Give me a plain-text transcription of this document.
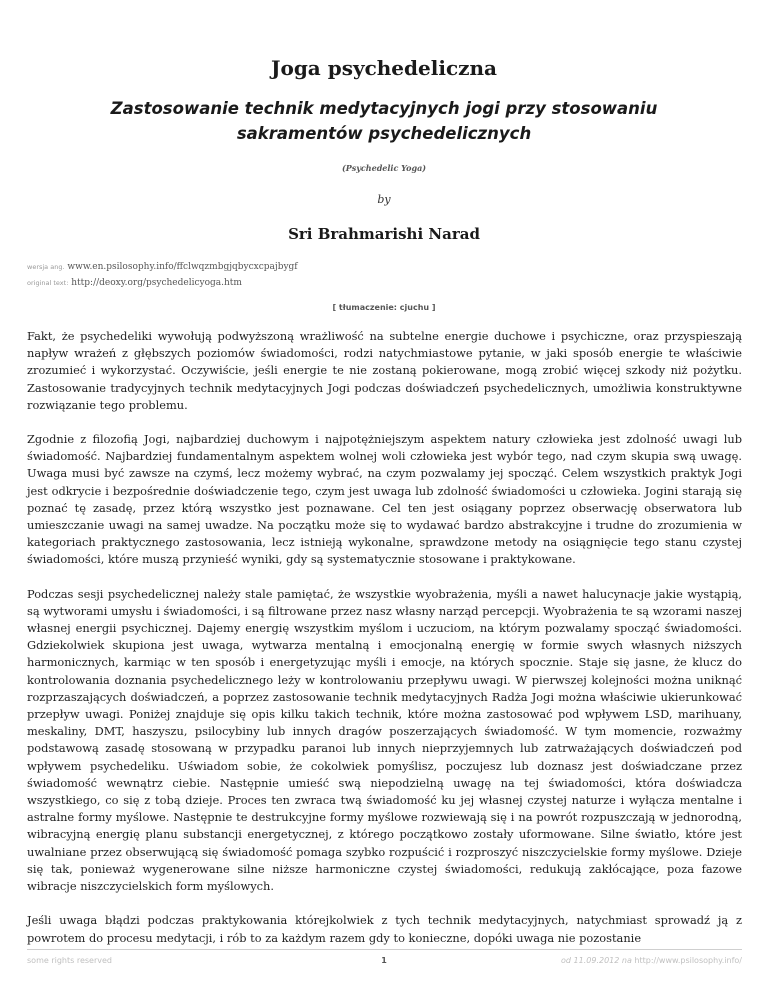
Joga psychedeliczna
Zastosowanie technik medytacyjnych jogi przy stosowaniu sakramentów psychedelicznych
(Psychedelic Yoga)
by
Sri Brahmarishi Narad
wersja ang. www.en.psilosophy.info/ffclwqzmbgjqbycxcpajbygf
original text: http://deoxy.org/psychedelicyoga.htm
[ tłumaczenie: cjuchu ]

Fakt, że psychedeliki wywołują podwyższoną wrażliwość na subtelne energie duchowe i psychiczne, oraz przyspieszają napływ wrażeń z głębszych poziomów świadomości, rodzi natychmiastowe pytanie, w jaki sposób energie te właściwie zrozumieć i wykorzystać. Oczywiście, jeśli energie te nie zostaną pokierowane, mogą zrobić więcej szkody niż pożytku. Zastosowanie tradycyjnych technik medytacyjnych Jogi podczas doświadczeń psychedelicznych, umożliwia konstruktywne rozwiązanie tego problemu.

Zgodnie z filozofią Jogi, najbardziej duchowym i najpotężniejszym aspektem natury człowieka jest zdolność uwagi lub świadomość. Najbardziej fundamentalnym aspektem wolnej woli człowieka jest wybór tego, nad czym skupia swą uwagę. Uwaga musi być zawsze na czymś, lecz możemy wybrać, na czym pozwalamy jej spocząć. Celem wszystkich praktyk Jogi jest odkrycie i bezpośrednie doświadczenie tego, czym jest uwaga lub zdolność świadomości u człowieka. Jogini starają się poznać tę zasadę, przez którą wszystko jest poznawane. Cel ten jest osiągany poprzez obserwację obserwatora lub umieszczanie uwagi na samej uwadze. Na początku może się to wydawać bardzo abstrakcyjne i trudne do zrozumienia w kategoriach praktycznego zastosowania, lecz istnieją wykonalne, sprawdzone metody na osiągnięcie tego stanu czystej świadomości, które muszą przynieść wyniki, gdy są systematycznie stosowane i praktykowane.

Podczas sesji psychedelicznej należy stale pamiętać, że wszystkie wyobrażenia, myśli a nawet halucynacje jakie wystąpią, są wytworami umysłu i świadomości, i są filtrowane przez nasz własny narząd percepcji. Wyobrażenia te są wzorami naszej własnej energii psychicznej. Dajemy energię wszystkim myślom i uczuciom, na którym pozwalamy spocząć świadomości. Gdziekolwiek skupiona jest uwaga, wytwarza mentalną i emocjonalną energię w formie swych własnych niższych harmonicznych, karmiąc w ten sposób i energetyzując myśli i emocje, na których spocznie. Staje się jasne, że klucz do kontrolowania doznania psychedelicznego leży w kontrolowaniu przepływu uwagi. W pierwszej kolejności można uniknąć rozprzaszających doświadczeń, a poprzez zastosowanie technik medytacyjnych Radża Jogi można właściwie ukierunkować przepływ uwagi. Poniżej znajduje się opis kilku takich technik, które można zastosować pod wpływem LSD, marihuany, meskaliny, DMT, haszyszu, psilocybiny lub innych dragów poszerzających świadomość. W tym momencie, rozważmy podstawową zasadę stosowaną w przypadku paranoi lub innych nieprzyjemnych lub zatrważających doświadczeń pod wpływem psychedeliku. Uświadom sobie, że cokolwiek pomyślisz, poczujesz lub doznasz jest doświadczane przez świadomość wewnątrz ciebie. Następnie umieść swą niepodzielną uwagę na tej świadomości, która doświadcza wszystkiego, co się z tobą dzieje. Proces ten zwraca twą świadomość ku jej własnej czystej naturze i wyłącza mentalne i astralne formy myślowe. Następnie te destrukcyjne formy myślowe rozwiewają się i na powrót rozpuszczają w jednorodną, wibracyjną energię planu substancji energetycznej, z którego początkowo zostały uformowane. Silne światło, które jest uwalniane przez obserwującą się świadomość pomaga szybko rozpuścić i rozproszyć niszczycielskie formy myślowe. Dzieje się tak, ponieważ wygenerowane silne niższe harmoniczne czystej świadomości, redukują zakłócające, poza fazowe wibracje niszczycielskich form myślowych.

Jeśli uwaga błądzi podczas praktykowania którejkolwiek z tych technik medytacyjnych, natychmiast sprowadź ją z powrotem do procesu medytacji, i rób to za każdym razem gdy to konieczne, dopóki uwaga nie pozostanie

some rights reserved	1	od 11.09.2012 na http://www.psilosophy.info/
